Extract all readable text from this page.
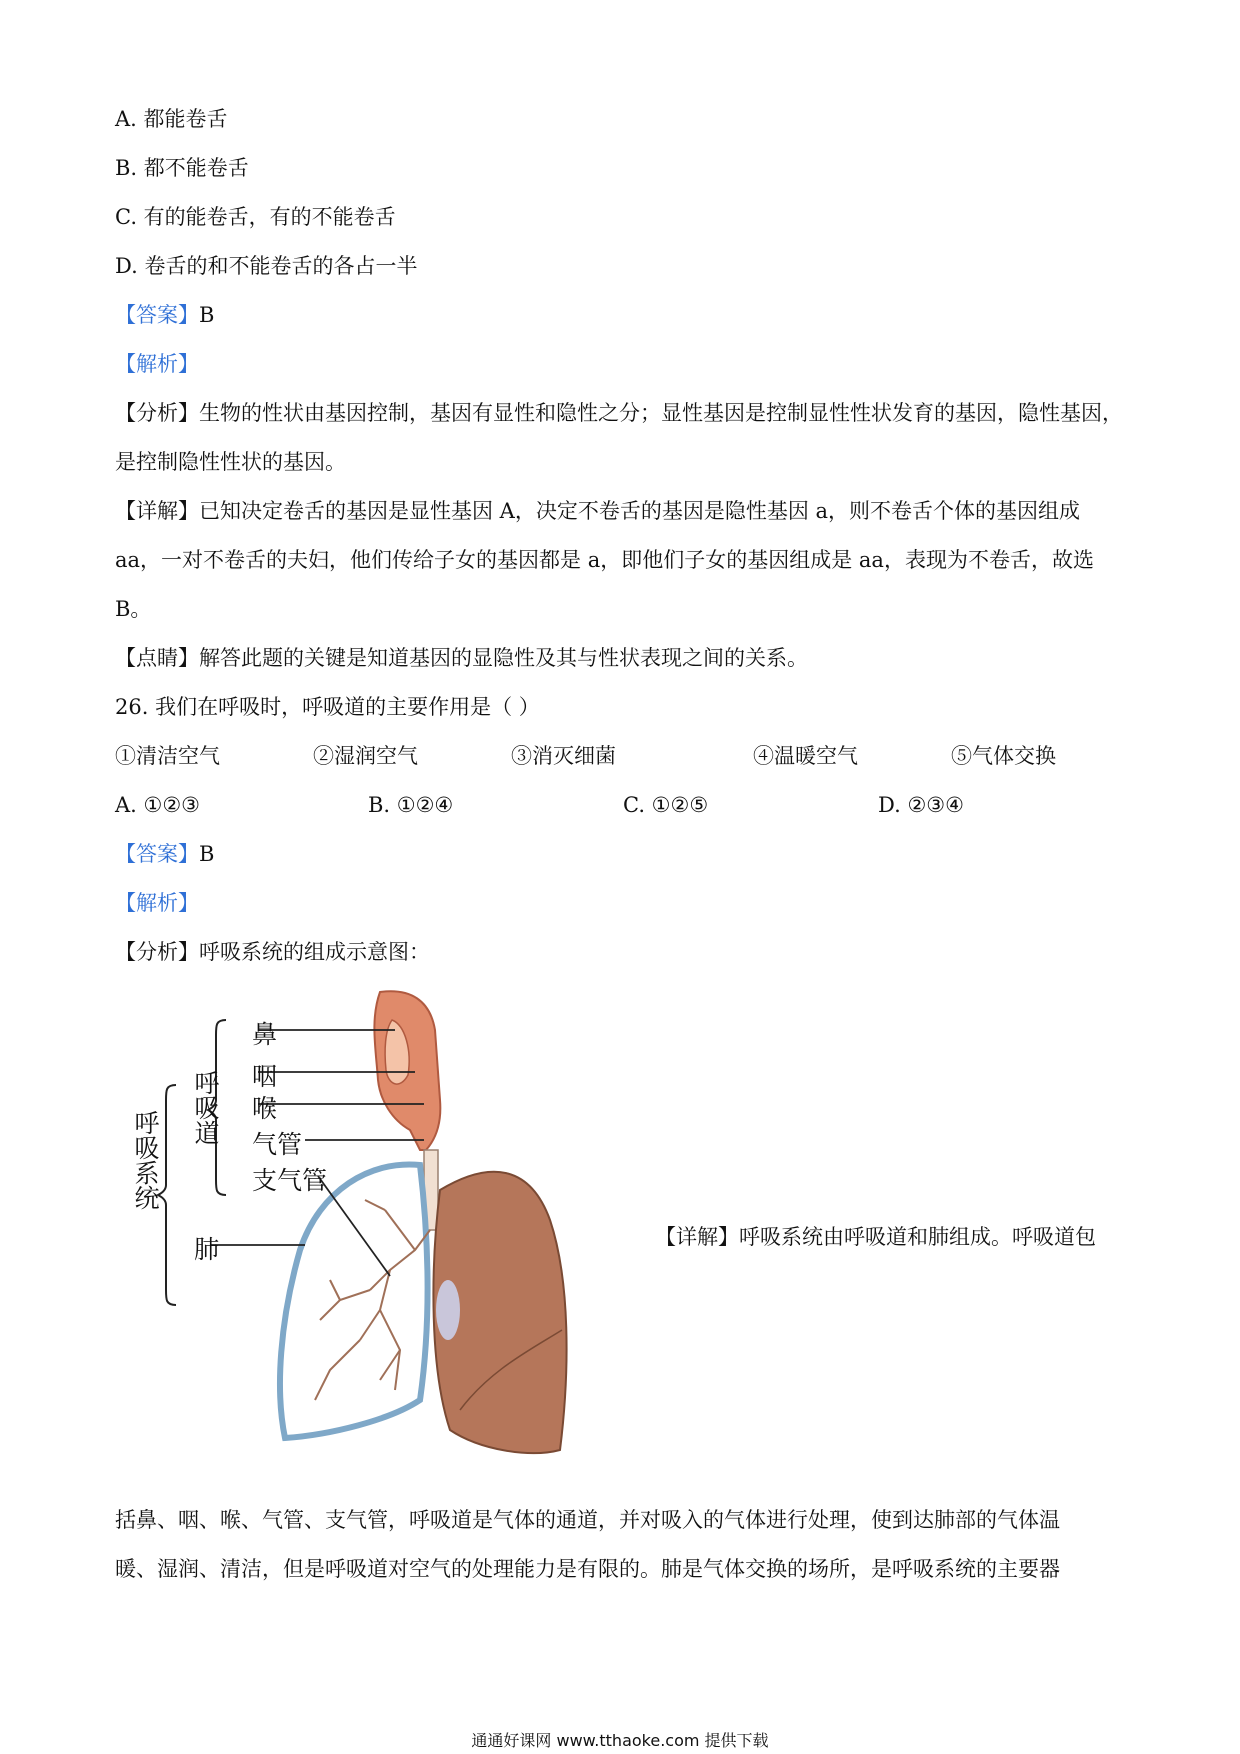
A. 都能卷舌
B. 都不能卷舌
C. 有的能卷舌，有的不能卷舌
D. 卷舌的和不能卷舌的各占一半
【答案】B
【解析】
【分析】生物的性状由基因控制，基因有显性和隐性之分；显性基因是控制显性性状发育的基因，隐性基因，
是控制隐性性状的基因。
【详解】已知决定卷舌的基因是显性基因 A，决定不卷舌的基因是隐性基因 a，则不卷舌个体的基因组成
aa，一对不卷舌的夫妇，他们传给子女的基因都是 a，即他们子女的基因组成是 aa，表现为不卷舌，故选
B。
【点睛】解答此题的关键是知道基因的显隐性及其与性状表现之间的关系。
26. 我们在呼吸时，呼吸道的主要作用是（ ）
①清洁空气	②湿润空气	③消灭细菌	④温暖空气	⑤气体交换
A. ①②③	B. ①②④	C. ①②⑤	D. ②③④
【答案】B
【解析】
【分析】呼吸系统的组成示意图：
呼吸系统
呼吸道
鼻
咽
喉
气管
支气管
肺	【详解】呼吸系统由呼吸道和肺组成。呼吸道包
括鼻、咽、喉、气管、支气管，呼吸道是气体的通道，并对吸入的气体进行处理，使到达肺部的气体温
暖、湿润、清洁，但是呼吸道对空气的处理能力是有限的。肺是气体交换的场所，是呼吸系统的主要器
通通好课网 www.tthaoke.com 提供下载
